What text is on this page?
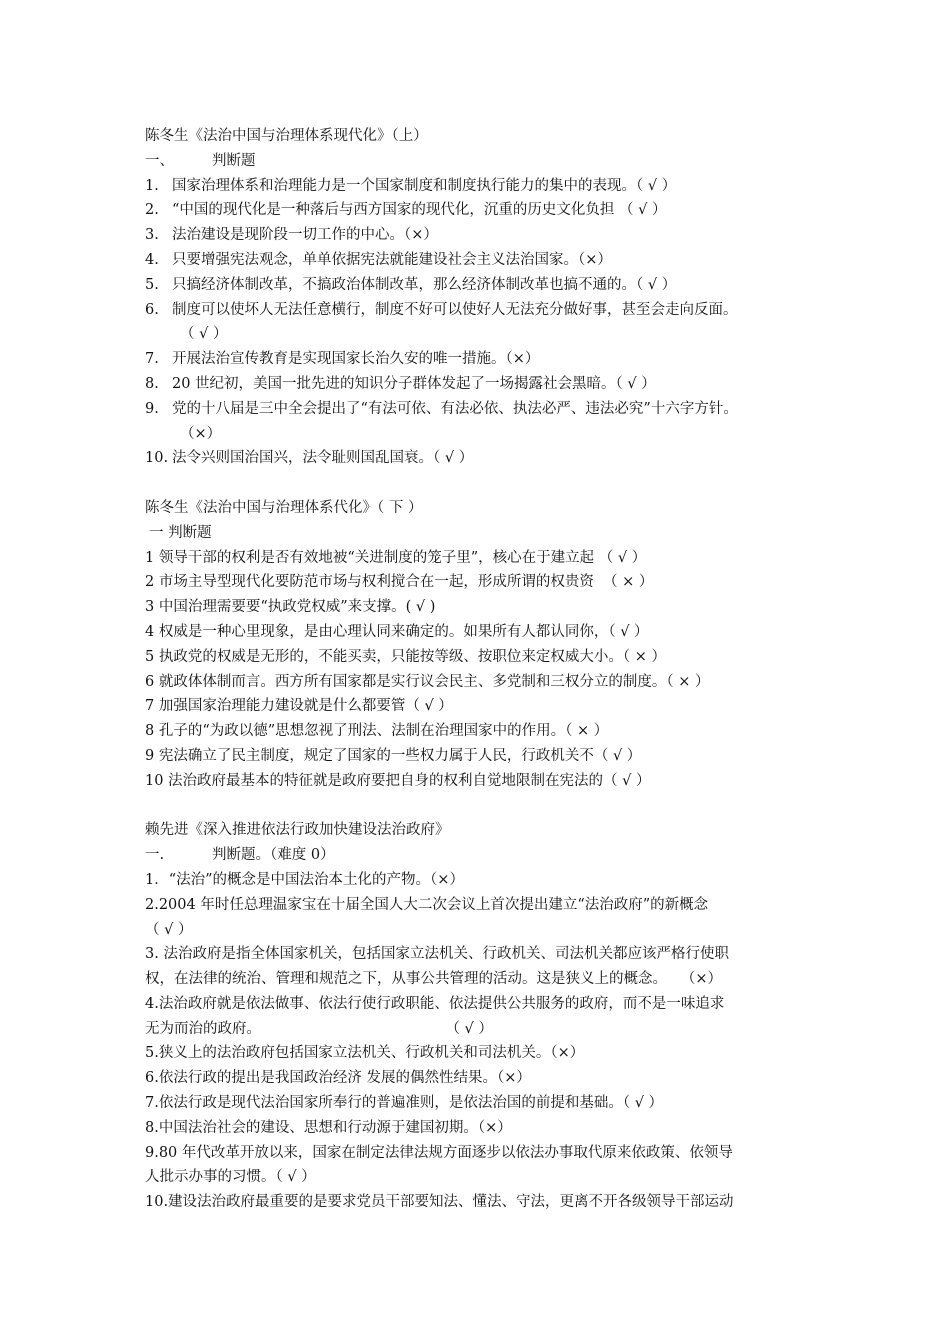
陈冬生《法治中国与治理体系现代化》（上）
一、	判断题
1. 国家治理体系和治理能力是一个国家制度和制度执行能力的集中的表现。（ √ ）
2. “中国的现代化是一种落后与西方国家的现代化，沉重的历史文化负担 （ √ ）
3. 法治建设是现阶段一切工作的中心。（×）
4. 只要增强宪法观念，单单依据宪法就能建设社会主义法治国家。（×）
5. 只搞经济体制改革，不搞政治体制改革，那么经济体制改革也搞不通的。（ √ ）
6. 制度可以使坏人无法任意横行，制度不好可以使好人无法充分做好事，甚至会走向反面。
（ √ ）
7. 开展法治宣传教育是实现国家长治久安的唯一措施。（×）
8. 20 世纪初，美国一批先进的知识分子群体发起了一场揭露社会黑暗。（ √ ）
9. 党的十八届是三中全会提出了“有法可依、有法必依、执法必严、违法必究”十六字方针。
（×）
10. 法令兴则国治国兴，法令耻则国乱国衰。（ √ ）
陈冬生《法治中国与治理体系代化》（ 下 ）
一 判断题
1 领导干部的权利是否有效地被“关进制度的笼子里”，核心在于建立起 （ √ ）
2 市场主导型现代化要防范市场与权利搅合在一起，形成所谓的权贵资  （ × ）
3 中国治理需要要“执政党权威”来支撑。( √ )
4 权威是一种心里现象，是由心理认同来确定的。如果所有人都认同你，（ √ ）
5 执政党的权威是无形的，不能买卖，只能按等级、按职位来定权威大小。（ × ）
6 就政体体制而言。西方所有国家都是实行议会民主、多党制和三权分立的制度。（ × ）
7 加强国家治理能力建设就是什么都要管（ √ ）
8 孔子的“为政以德”思想忽视了刑法、法制在治理国家中的作用。（ × ）
9 宪法确立了民主制度，规定了国家的一些权力属于人民，行政机关不（ √ ）
10 法治政府最基本的特征就是政府要把自身的权利自觉地限制在宪法的（ √ ）
赖先进《深入推进依法行政加快建设法治政府》
一.	判断题。（难度 0）
1．“法治”的概念是中国法治本土化的产物。（×）
2.2004 年时任总理温家宝在十届全国人大二次会议上首次提出建立“法治政府”的新概念
（ √ ）
3. 法治政府是指全体国家机关，包括国家立法机关、行政机关、司法机关都应该严格行使职
权，在法律的统治、管理和规范之下，从事公共管理的活动。这是狭义上的概念。   （×）
4.法治政府就是依法做事、依法行使行政职能、依法提供公共服务的政府，而不是一味追求
无为而治的政府。                                        （ √ ）
5.狭义上的法治政府包括国家立法机关、行政机关和司法机关。（×）
6.依法行政的提出是我国政治经济 发展的偶然性结果。（×）
7.依法行政是现代法治国家所奉行的普遍准则，是依法治国的前提和基础。（ √ ）
8.中国法治社会的建设、思想和行动源于建国初期。（×）
9.80 年代改革开放以来，国家在制定法律法规方面逐步以依法办事取代原来依政策、依领导
人批示办事的习惯。（ √ ）
10.建设法治政府最重要的是要求党员干部要知法、懂法、守法，更离不开各级领导干部运动
